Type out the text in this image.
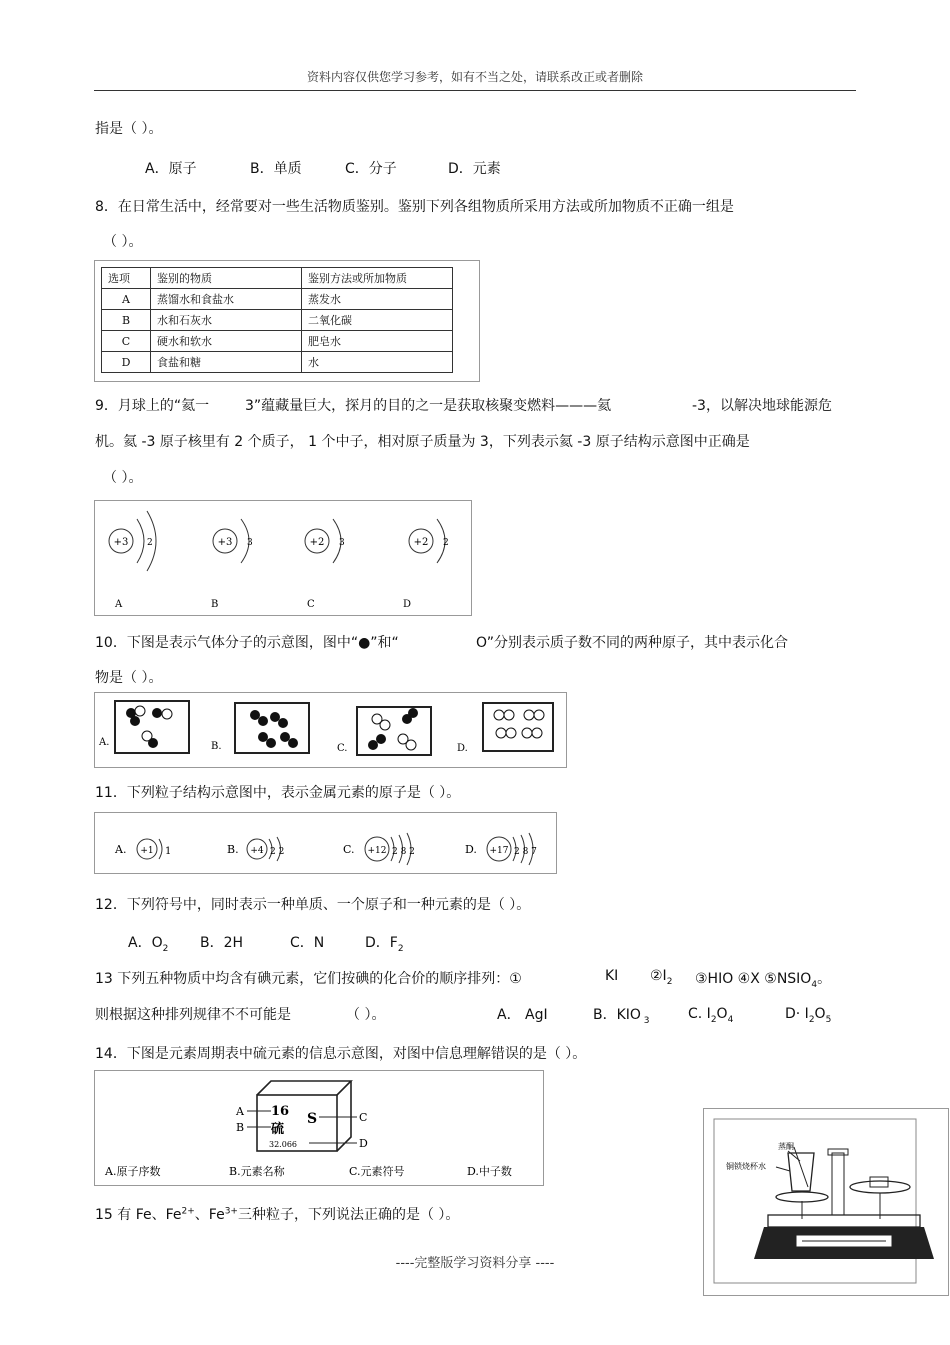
资料内容仅供您学习参考，如有不当之处，请联系改正或者删除
指是（ ）。
A．原子	B．单质	C．分子	D．元素
8．在日常生活中，经常要对一些生活物质鉴别。鉴别下列各组物质所采用方法或所加物质不正确一组是
（ ）。
选项	鉴别的物质	鉴别方法或所加物质
A	蒸馏水和食盐水	蒸发水
B	水和石灰水	二氧化碳
C	硬水和软水	肥皂水
D	食盐和糖	水
9．月球上的“氦一	3”蕴藏量巨大，探月的目的之一是获取核聚变燃料———氦	-3，以解决地球能源危
机。氦 -3 原子核里有 2 个质子， 1 个中子，相对原子质量为 3，下列表示氦 -3 原子结构示意图中正确是
（ ）。
+3 2
A
+3 3
B
+2 3
C
+2 2
D
10．下图是表示气体分子的示意图，图中“●”和“	O”分别表示质子数不同的两种原子，其中表示化合
物是（ ）。
A.	B.	C.	D.
11．下列粒子结构示意图中，表示金属元素的原子是（ ）。
A. +1 1	B. +4 2 2	C. +12 2 8 2	D. +17 2 8 7
12．下列符号中，同时表示一种单质、一个原子和一种元素的是（ ）。
A．$O_2$ B．2H	C．N	D．$F_2$
13 下列五种物质中均含有碘元素，它们按碘的化合价的顺序排列：①	KI $②I_2$ ③HIO ④X $⑤NSIO_4$。
则根据这种排列规律不不可能是	（ ）。	A． AgI	B．KIO $_3$	C. $I_2O_4$	$D\cdot I_2O_5$
14．下图是元素周期表中硫元素的信息示意图，对图中信息理解错误的是（ ）。
16
硫
S
32.066
A
B
C
D
A.原子序数	B.元素名称	C.元素符号	D.中子数
蒸酮
铜锁烧杯水
15 有 Fe、$Fe^{2+}$、$Fe^{3+}$三种粒子，下列说法正确的是（ ）。
----完整版学习资料分享 ----
